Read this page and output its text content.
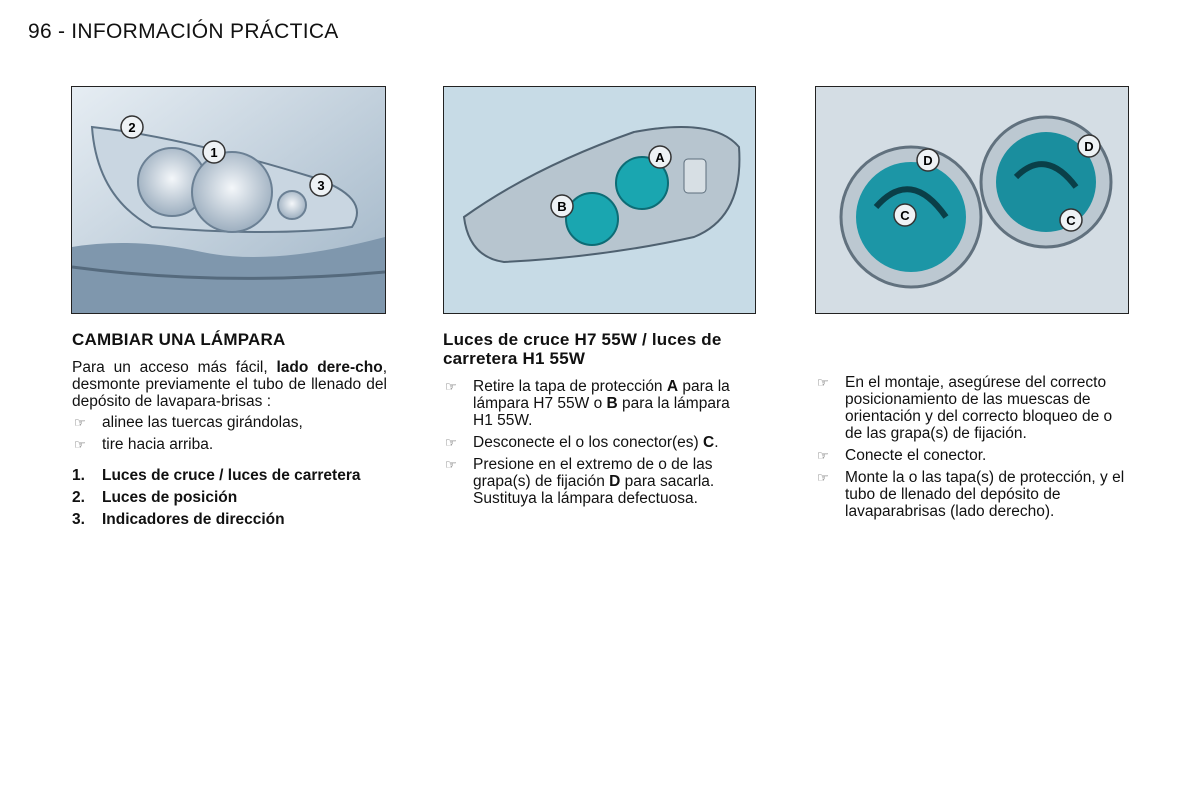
96 - INFORMACIÓN PRÁCTICA
2
1
3
A
B
D
C
D
C
CAMBIAR UNA LÁMPARA

Para un acceso más fácil, lado dere-cho, desmonte previamente el tubo de llenado del depósito de lavapara-brisas :

☞ alinee las tuercas girándolas,
☞ tire hacia arriba.
1. Luces de cruce / luces de carretera
2. Luces de posición
3. Indicadores de dirección
Luces de cruce H7 55W / luces de carretera H1 55W
☞ Retire la tapa de protección A para la lámpara H7 55W o B para la lámpara H1 55W.
☞ Desconecte el o los conector(es) C.
☞ Presione en el extremo de o de las grapa(s) de fijación D para sacarla. Sustituya la lámpara defectuosa.
☞ En el montaje, asegúrese del correcto posicionamiento de las muescas de orientación y del correcto bloqueo de o de las grapa(s) de fijación.
☞ Conecte el conector.
☞ Monte la o las tapa(s) de protección, y el tubo de llenado del depósito de lavaparabrisas (lado derecho).
